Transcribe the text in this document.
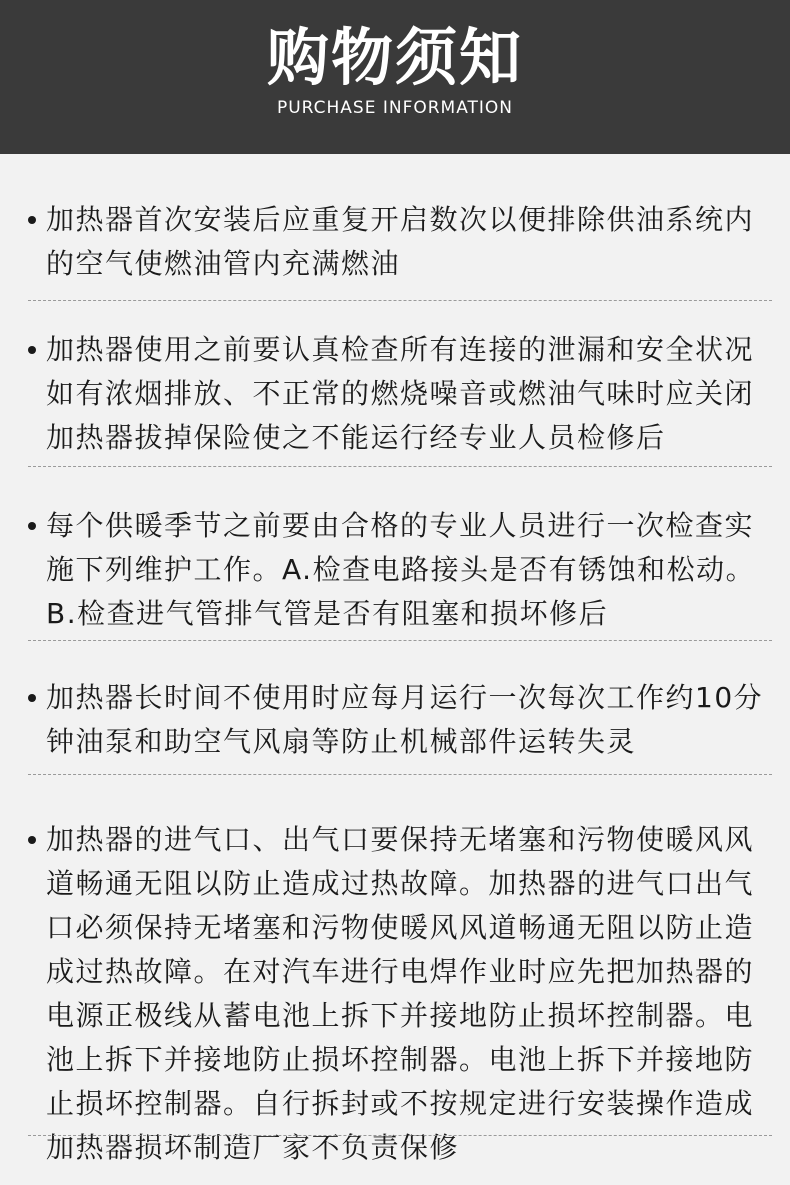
购物须知
PURCHASE INFORMATION
加热器首次安装后应重复开启数次以便排除供油系统内的空气使燃油管内充满燃油
加热器使用之前要认真检查所有连接的泄漏和安全状况如有浓烟排放、不正常的燃烧噪音或燃油气味时应关闭加热器拔掉保险使之不能运行经专业人员检修后
每个供暖季节之前要由合格的专业人员进行一次检查实施下列维护工作。A.检查电路接头是否有锈蚀和松动。B.检查进气管排气管是否有阻塞和损坏修后
加热器长时间不使用时应每月运行一次每次工作约10分钟油泵和助空气风扇等防止机械部件运转失灵
加热器的进气口、出气口要保持无堵塞和污物使暖风风道畅通无阻以防止造成过热故障。加热器的进气口出气口必须保持无堵塞和污物使暖风风道畅通无阻以防止造成过热故障。在对汽车进行电焊作业时应先把加热器的电源正极线从蓄电池上拆下并接地防止损坏控制器。电池上拆下并接地防止损坏控制器。电池上拆下并接地防止损坏控制器。自行拆封或不按规定进行安装操作造成加热器损坏制造厂家不负责保修
